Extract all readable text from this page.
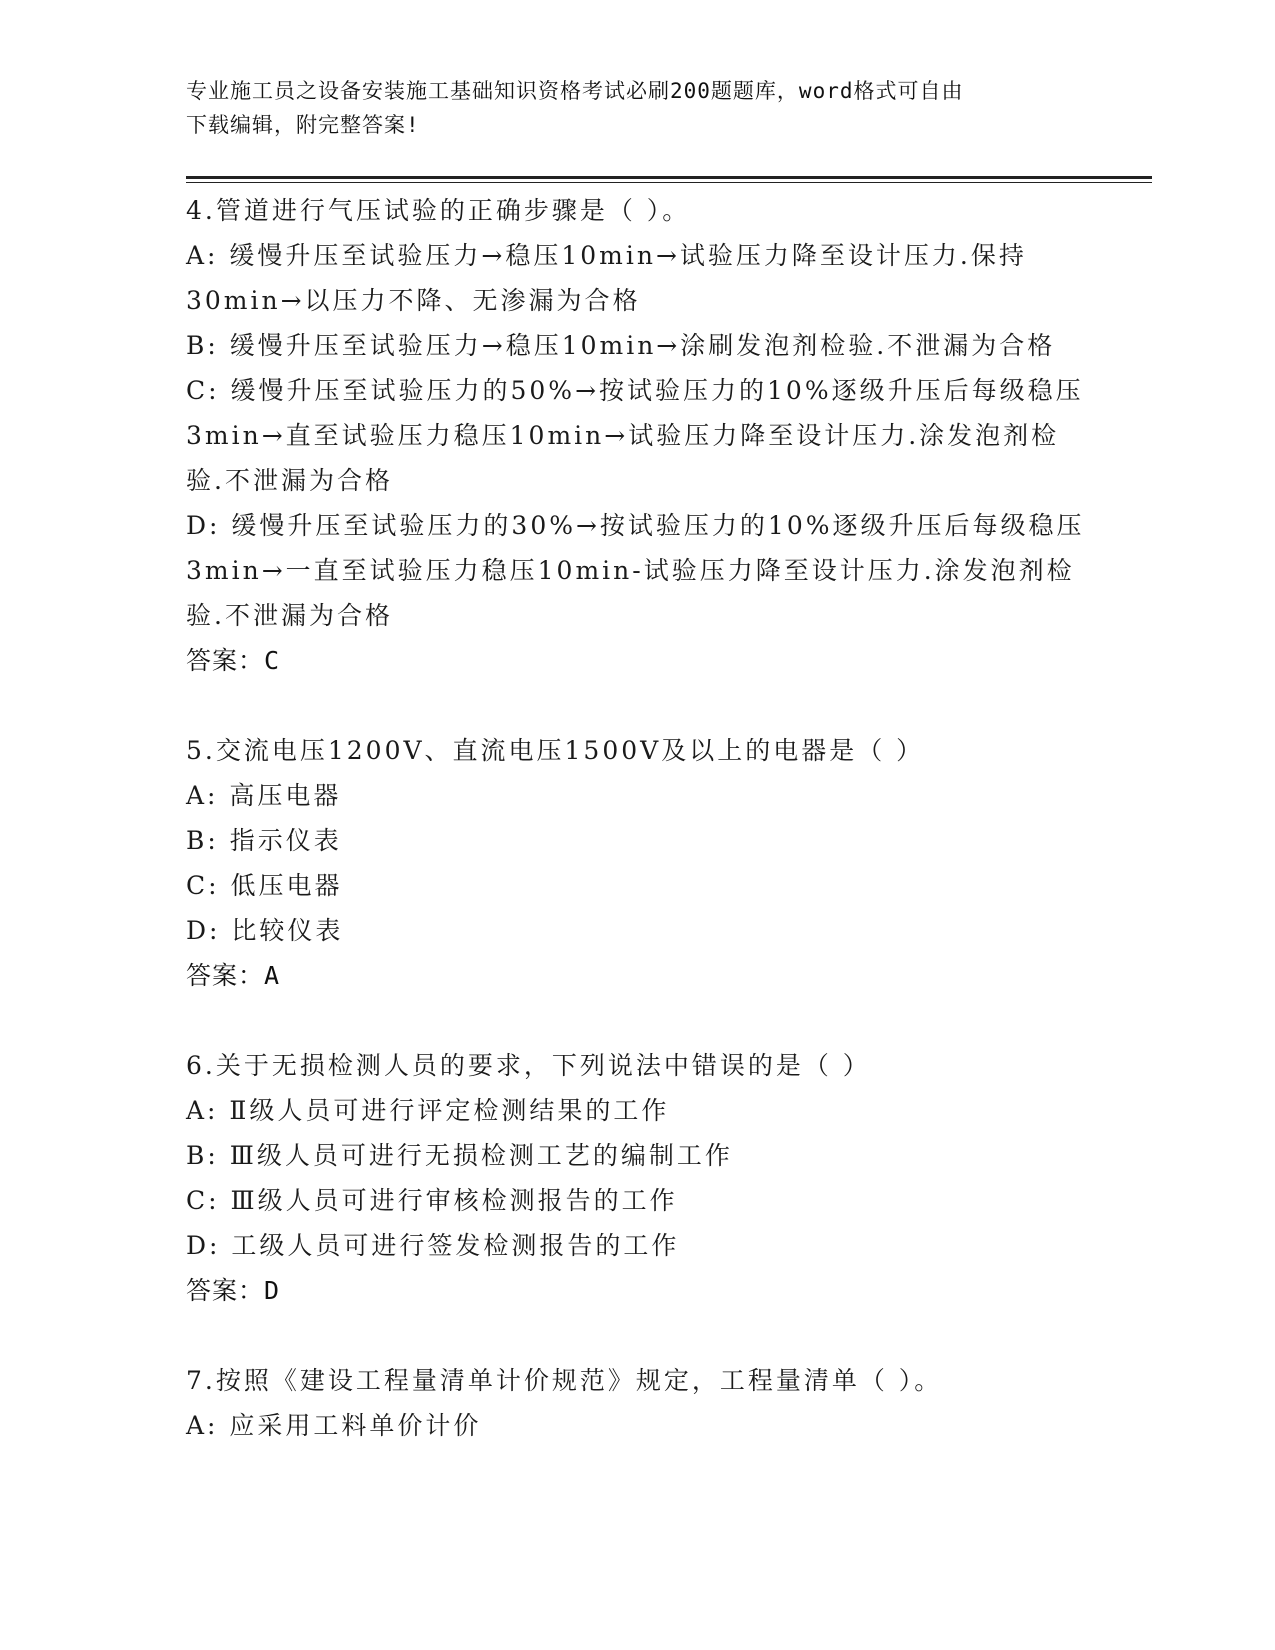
专业施工员之设备安装施工基础知识资格考试必刷200题题库，word格式可自由
下载编辑，附完整答案!

4.管道进行气压试验的正确步骤是（ ）。

A: 缓慢升压至试验压力→稳压10min→试验压力降至设计压力.保持30min→以压力不降、无渗漏为合格

B: 缓慢升压至试验压力→稳压10min→涂刷发泡剂检验.不泄漏为合格

C: 缓慢升压至试验压力的50%→按试验压力的10%逐级升压后每级稳压3min→直至试验压力稳压10min→试验压力降至设计压力.涂发泡剂检验.不泄漏为合格

D: 缓慢升压至试验压力的30%→按试验压力的10%逐级升压后每级稳压3min→一直至试验压力稳压10min-试验压力降至设计压力.涂发泡剂检验.不泄漏为合格

答案：C

5.交流电压1200V、直流电压1500V及以上的电器是（ ）

A: 高压电器

B: 指示仪表

C: 低压电器

D: 比较仪表

答案：A

6.关于无损检测人员的要求，下列说法中错误的是（ ）

A: Ⅱ级人员可进行评定检测结果的工作

B: Ⅲ级人员可进行无损检测工艺的编制工作

C: Ⅲ级人员可进行审核检测报告的工作

D: 工级人员可进行签发检测报告的工作

答案：D

7.按照《建设工程量清单计价规范》规定，工程量清单（ ）。

A: 应采用工料单价计价
